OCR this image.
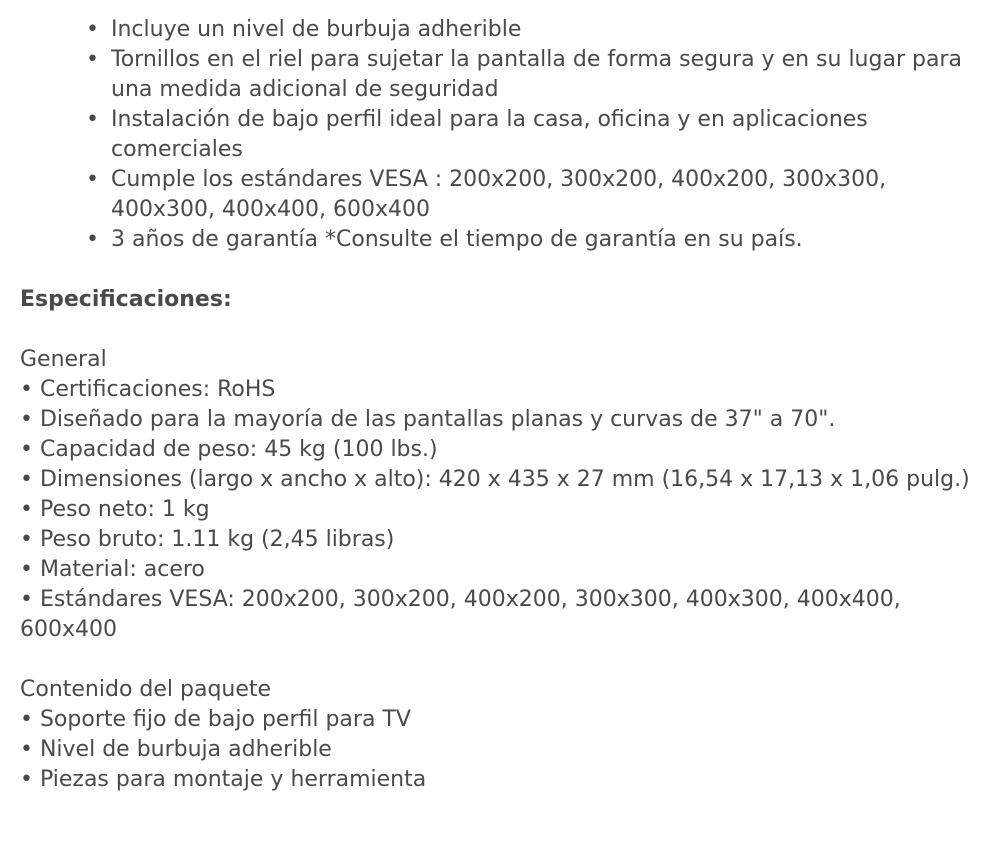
• Incluye un nivel de burbuja adherible
• Tornillos en el riel para sujetar la pantalla de forma segura y en su lugar para una medida adicional de seguridad
• Instalación de bajo perfil ideal para la casa, oficina y en aplicaciones comerciales
• Cumple los estándares VESA : 200x200, 300x200, 400x200, 300x300, 400x300, 400x400, 600x400
• 3 años de garantía *Consulte el tiempo de garantía en su país.

Especificaciones:

General

• Certificaciones: RoHS

• Diseñado para la mayoría de las pantallas planas y curvas de 37" a 70".

• Capacidad de peso: 45 kg (100 lbs.)

• Dimensiones (largo x ancho x alto): 420 x 435 x 27 mm (16,54 x 17,13 x 1,06 pulg.)

• Peso neto: 1 kg

• Peso bruto: 1.11 kg (2,45 libras)

• Material: acero

• Estándares VESA: 200x200, 300x200, 400x200, 300x300, 400x300, 400x400, 600x400

Contenido del paquete

• Soporte fijo de bajo perfil para TV

• Nivel de burbuja adherible

• Piezas para montaje y herramienta
